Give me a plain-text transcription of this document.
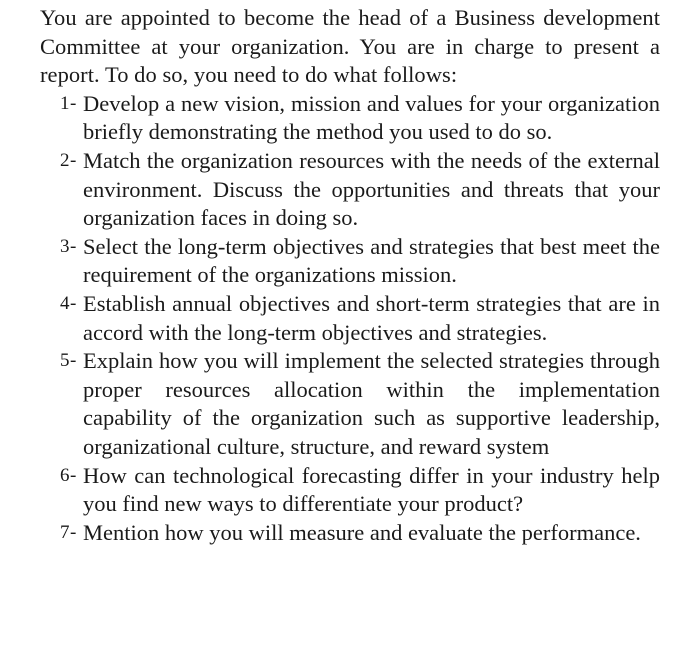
You are appointed to become the head of a Business development Committee at your organization. You are in charge to present a report. To do so, you need to do what follows:

1- Develop a new vision, mission and values for your organization briefly demonstrating the method you used to do so.
2- Match the organization resources with the needs of the external environment. Discuss the opportunities and threats that your organization faces in doing so.
3- Select the long-term objectives and strategies that best meet the requirement of the organizations mission.
4- Establish annual objectives and short-term strategies that are in accord with the long-term objectives and strategies.
5- Explain how you will implement the selected strategies through proper resources allocation within the implementation capability of the organization such as supportive leadership, organizational culture, structure, and reward system
6- How can technological forecasting differ in your industry help you find new ways to differentiate your product?
7- Mention how you will measure and evaluate the performance.
